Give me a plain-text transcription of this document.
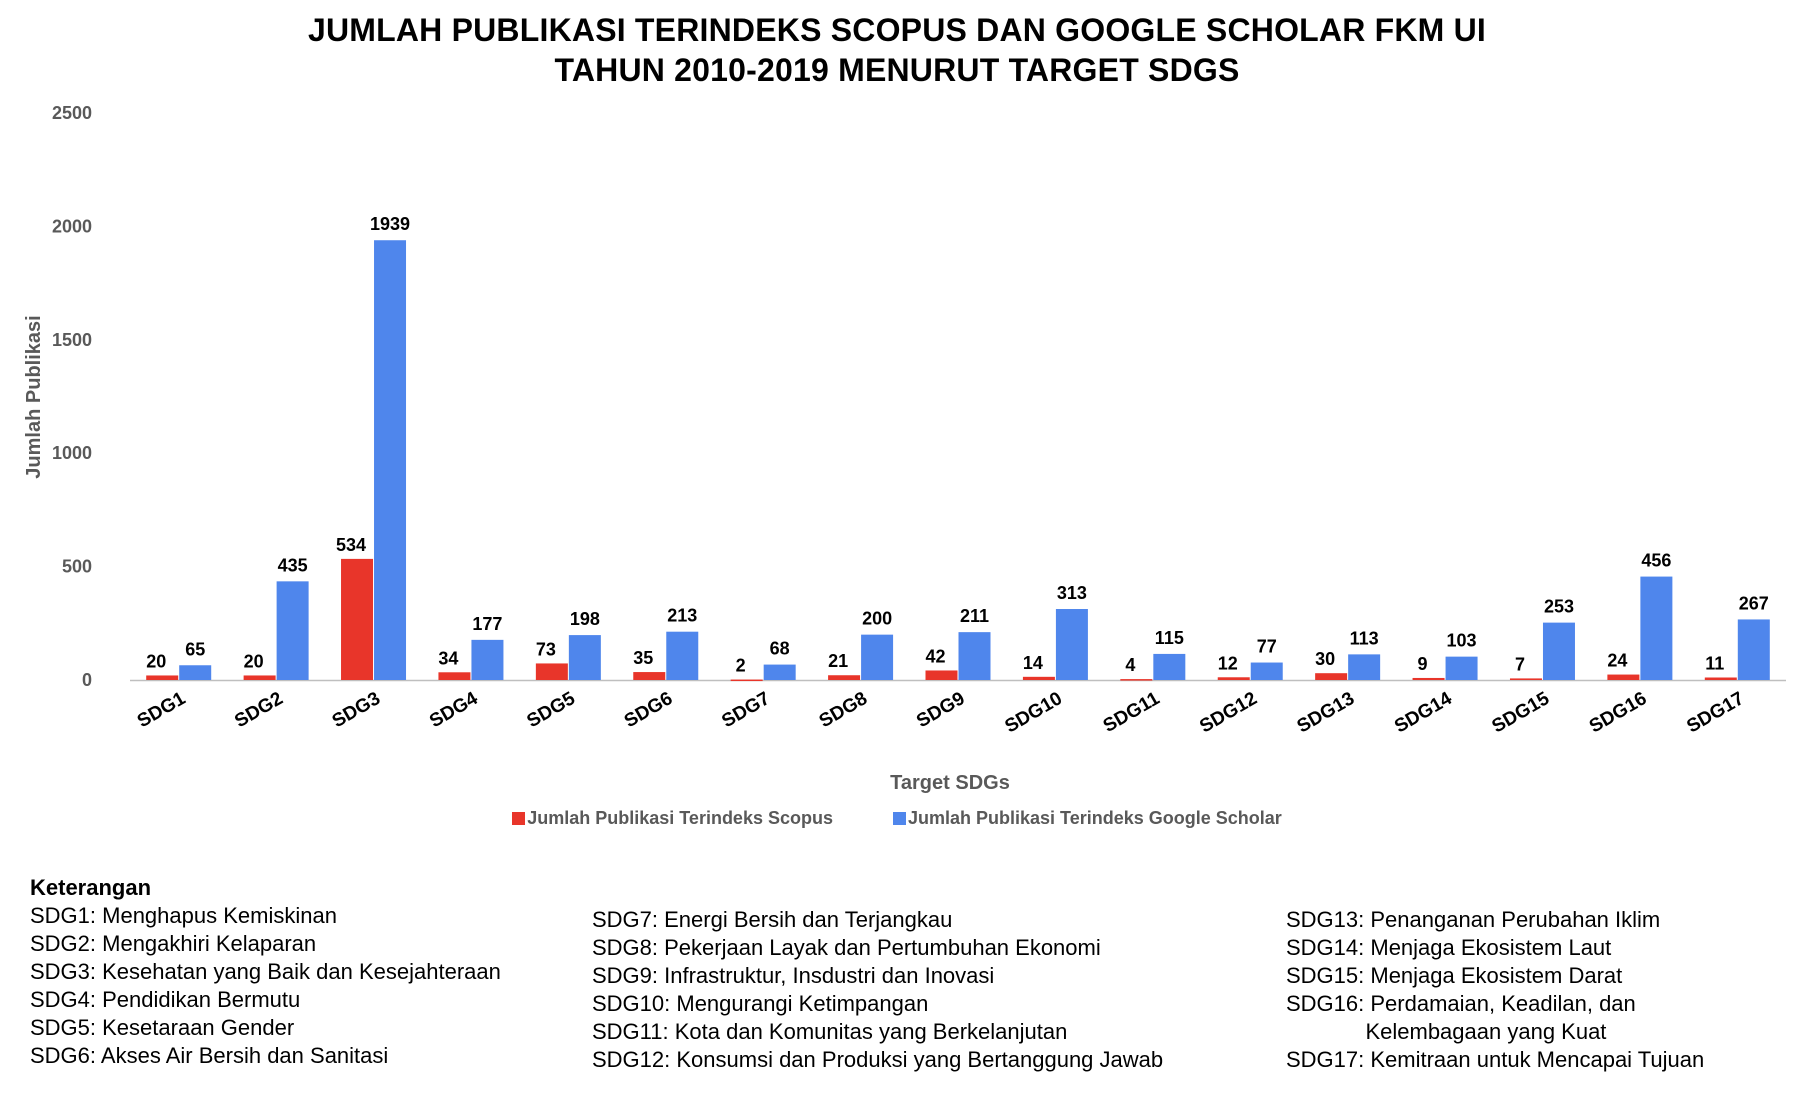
JUMLAH PUBLIKASI TERINDEKS SCOPUS DAN GOOGLE SCHOLAR FKM UI
TAHUN 2010-2019 MENURUT TARGET SDGS
0
500
1000
1500
2000
2500
20
65
SDG1
20
435
SDG2
534
1939
SDG3
34
177
SDG4
73
198
SDG5
35
213
SDG6
2
68
SDG7
21
200
SDG8
42
211
SDG9
14
313
SDG10
4
115
SDG11
12
77
SDG12
30
113
SDG13
9
103
SDG14
7
253
SDG15
24
456
SDG16
11
267
SDG17
Target SDGs
Jumlah Publikasi
Jumlah Publikasi Terindeks Scopus	Jumlah Publikasi Terindeks Google Scholar
Keterangan
SDG1: Menghapus Kemiskinan
SDG2: Mengakhiri Kelaparan
SDG3: Kesehatan yang Baik dan Kesejahteraan
SDG4: Pendidikan Bermutu
SDG5: Kesetaraan Gender
SDG6: Akses Air Bersih dan Sanitasi
SDG7: Energi Bersih dan Terjangkau
SDG8: Pekerjaan Layak dan Pertumbuhan Ekonomi
SDG9: Infrastruktur, Insdustri dan Inovasi
SDG10: Mengurangi Ketimpangan
SDG11: Kota dan Komunitas yang Berkelanjutan
SDG12: Konsumsi dan Produksi yang Bertanggung Jawab
SDG13: Penanganan Perubahan Iklim
SDG14: Menjaga Ekosistem Laut
SDG15: Menjaga Ekosistem Darat
SDG16: Perdamaian, Keadilan, dan
Kelembagaan yang Kuat
SDG17: Kemitraan untuk Mencapai Tujuan
